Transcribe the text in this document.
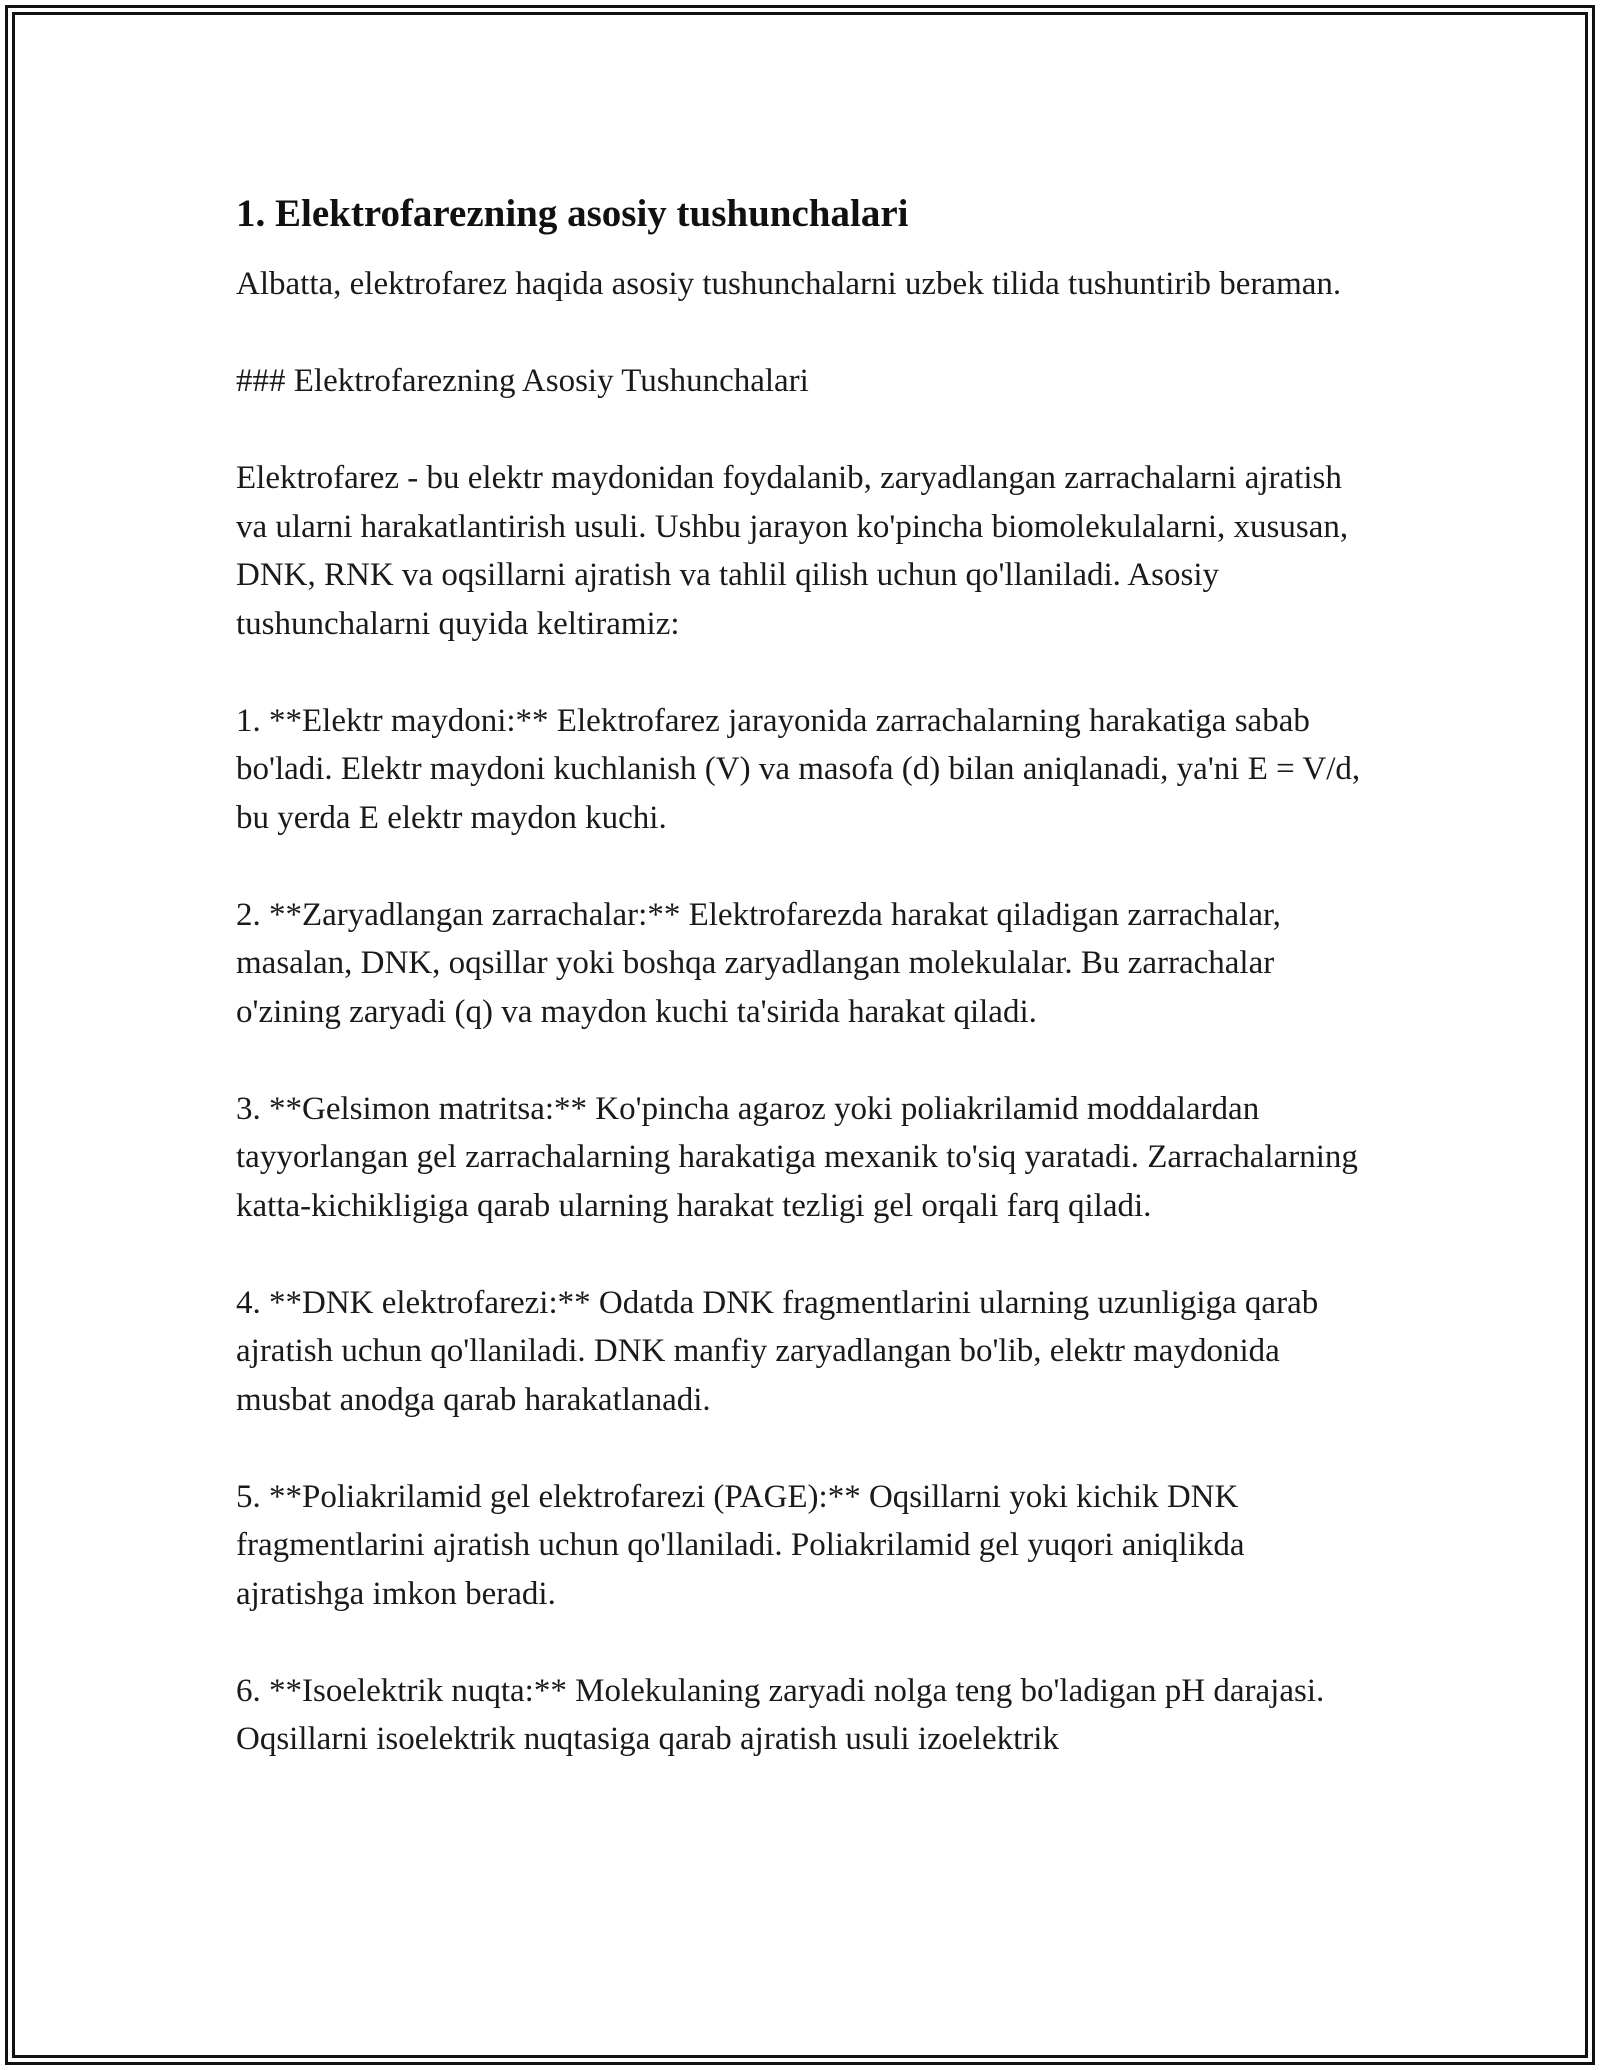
1. Elektrofarezning asosiy tushunchalari

Albatta, elektrofarez haqida asosiy tushunchalarni uzbek tilida tushuntirib beraman.

### Elektrofarezning Asosiy Tushunchalari

Elektrofarez - bu elektr maydonidan foydalanib, zaryadlangan zarrachalarni ajratish va ularni harakatlantirish usuli. Ushbu jarayon ko'pincha biomolekulalarni, xususan, DNK, RNK va oqsillarni ajratish va tahlil qilish uchun qo'llaniladi. Asosiy tushunchalarni quyida keltiramiz:

1. **Elektr maydoni:** Elektrofarez jarayonida zarrachalarning harakatiga sabab bo'ladi. Elektr maydoni kuchlanish (V) va masofa (d) bilan aniqlanadi, ya'ni E = V/d, bu yerda E elektr maydon kuchi.

2. **Zaryadlangan zarrachalar:** Elektrofarezda harakat qiladigan zarrachalar, masalan, DNK, oqsillar yoki boshqa zaryadlangan molekulalar. Bu zarrachalar o'zining zaryadi (q) va maydon kuchi ta'sirida harakat qiladi.

3. **Gelsimon matritsa:** Ko'pincha agaroz yoki poliakrilamid moddalardan tayyorlangan gel zarrachalarning harakatiga mexanik to'siq yaratadi. Zarrachalarning katta-kichikligiga qarab ularning harakat tezligi gel orqali farq qiladi.

4. **DNK elektrofarezi:** Odatda DNK fragmentlarini ularning uzunligiga qarab ajratish uchun qo'llaniladi. DNK manfiy zaryadlangan bo'lib, elektr maydonida musbat anodga qarab harakatlanadi.

5. **Poliakrilamid gel elektrofarezi (PAGE):** Oqsillarni yoki kichik DNK fragmentlarini ajratish uchun qo'llaniladi. Poliakrilamid gel yuqori aniqlikda ajratishga imkon beradi.

6. **Isoelektrik nuqta:** Molekulaning zaryadi nolga teng bo'ladigan pH darajasi. Oqsillarni isoelektrik nuqtasiga qarab ajratish usuli izoelektrik
